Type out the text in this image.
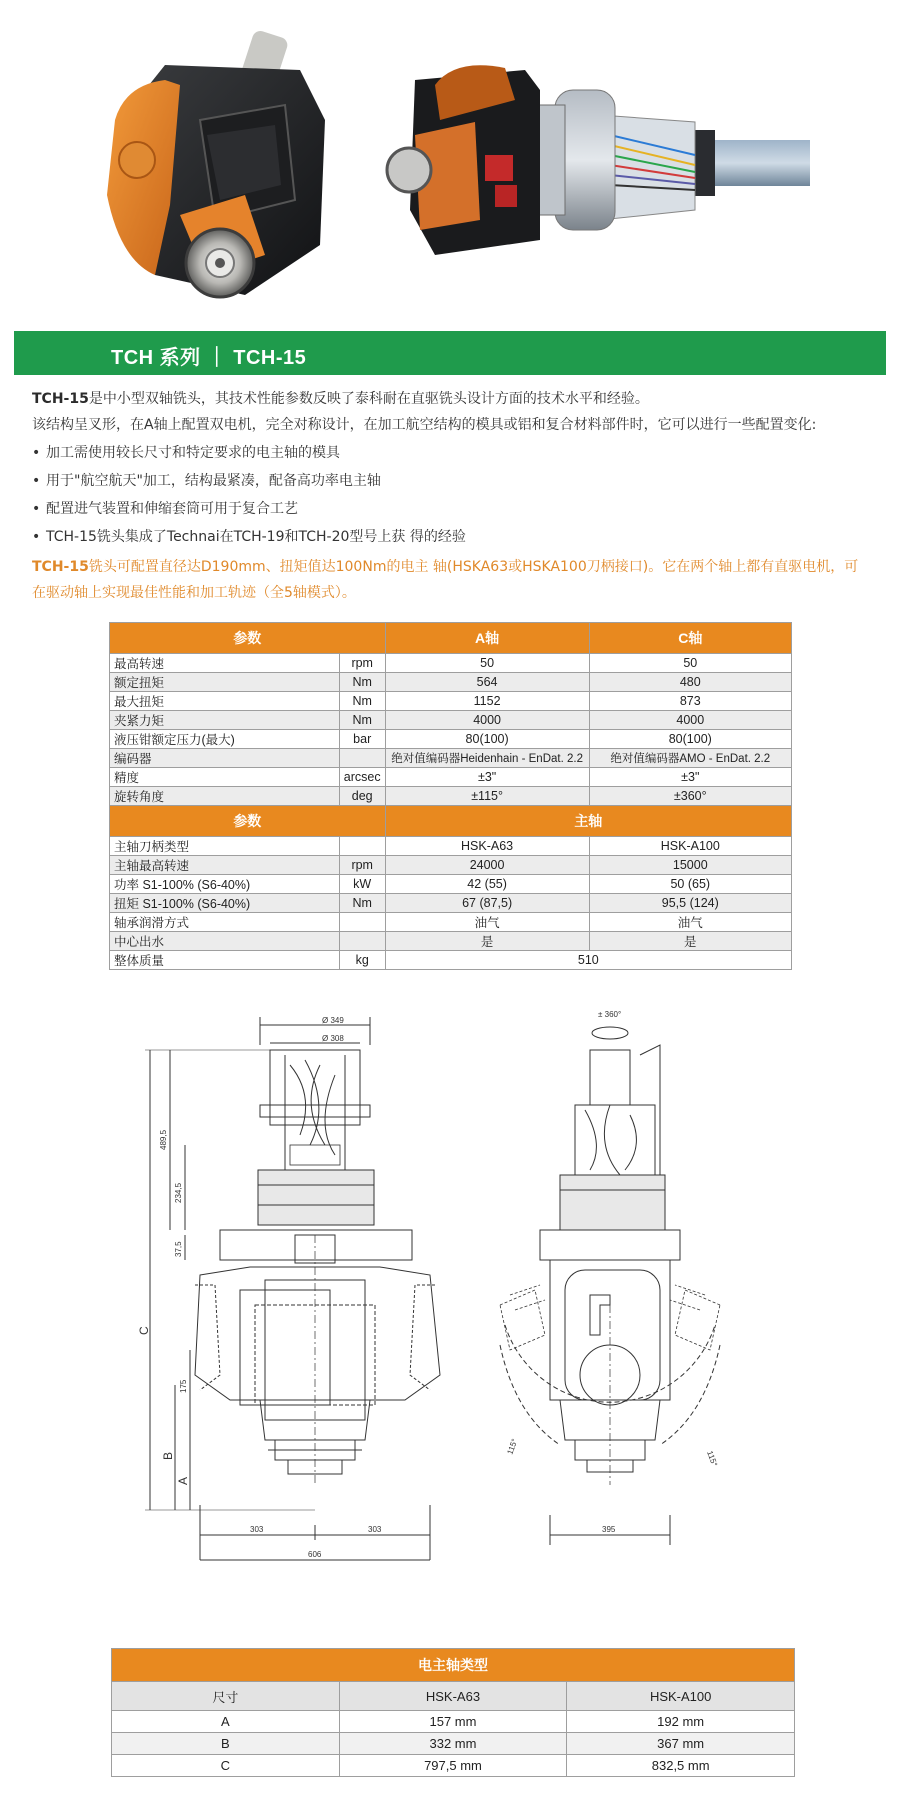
TCH 系列 ｜ TCH-15

TCH-15是中小型双轴铣头，其技术性能参数反映了泰科耐在直驱铣头设计方面的技术水平和经验。

该结构呈叉形，在A轴上配置双电机，完全对称设计，在加工航空结构的模具或铝和复合材料部件时，它可以进行一些配置变化:

• 加工需使用较长尺寸和特定要求的电主轴的模具
• 用于"航空航天"加工，结构最紧凑，配备高功率电主轴
• 配置进气装置和伸缩套筒可用于复合工艺
• TCH-15铣头集成了Technai在TCH-19和TCH-20型号上获 得的经验

TCH-15铣头可配置直径达D190mm、扭矩值达100Nm的电主 轴(HSKA63或HSKA100刀柄接口)。它在两个轴上都有直驱电机，可在驱动轴上实现最佳性能和加工轨迹（全5轴模式）。

参数		A轴	C轴
最高转速	rpm	50	50
额定扭矩	Nm	564	480
最大扭矩	Nm	1152	873
夹紧力矩	Nm	4000	4000
液压钳额定压力(最大)	bar	80(100)	80(100)
编码器		绝对值编码器Heidenhain - EnDat. 2.2	绝对值编码器AMO - EnDat. 2.2
精度	arcsec	±3"	±3"
旋转角度	deg	±115°	±360°
参数		主轴	
主轴刀柄类型		HSK-A63	HSK-A100
主轴最高转速	rpm	24000	15000
功率 S1-100% (S6-40%)	kW	42 (55)	50 (65)
扭矩 S1-100% (S6-40%)	Nm	67 (87,5)	95,5 (124)
轴承润滑方式		油气	油气
中心出水		是	是
整体质量	kg	510	
Ø 349
Ø 308
489,5
234,5
37,5
C
175
B
A
303	303
606
± 360°
115°
115°
395
电主轴类型		
尺寸	HSK-A63	HSK-A100
A	157 mm	192 mm
B	332 mm	367 mm
C	797,5 mm	832,5 mm
